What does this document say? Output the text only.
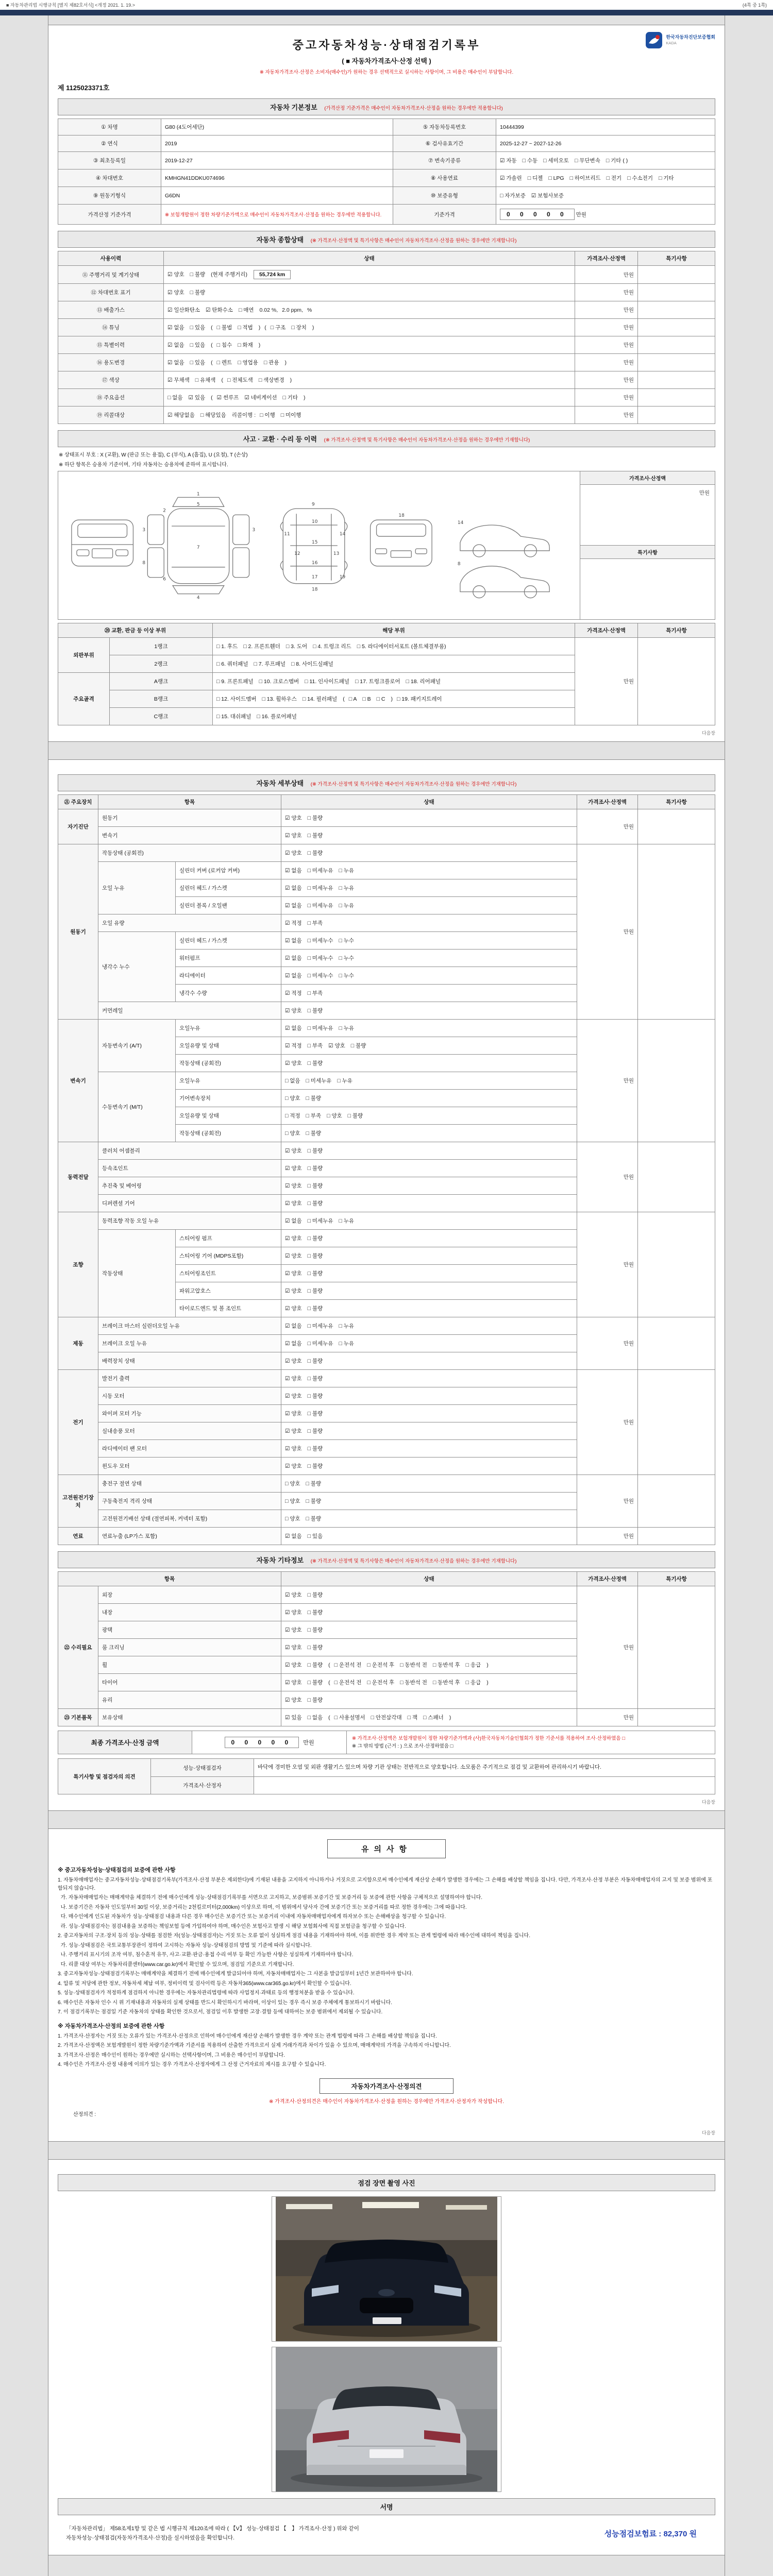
■ 자동차관리법 시행규칙 [별지 제82호서식] <개정 2021. 1. 19.>	(4쪽 중 1쪽)
한국자동차진단보증협회
KADA
중고자동차성능·상태점검기록부
( ■ 자동차가격조사·산정 선택 )
※ 자동차가격조사·산정은 소비자(매수인)가 원하는 경우 선택적으로 실시하는 사항이며, 그 비용은 매수인이 부담합니다.
제 1125023371호
자동차 기본정보 (가격산정 기준가격은 매수인이 자동차가격조사·산정을 원하는 경우에만 적용합니다)
① 차명	G80 (4도어세단)	⑤ 자동차등록번호	10444399
② 연식	2019	⑥ 검사유효기간	2025-12-27 ~ 2027-12-26
③ 최초등록일	2019-12-27	⑦ 변속기종류	☑ 자동 □ 수동 □ 세미오토 □ 무단변속 □ 기타 ( )
④ 차대번호	KMHGN41DDKU074696	⑧ 사용연료	☑ 가솔린 □ 디젤 □ LPG □ 하이브리드 □ 전기 □ 수소전기 □ 기타
⑨ 원동기형식	G6DN	⑩ 보증유형	□ 자가보증 ☑ 보험사보증
가격산정 기준가격	※ 보험개발원이 정한 차량기준가액으로 매수인이 자동차가격조사·산정을 원하는 경우에만 적용합니다.	기준가격	0 0 0 0 0 만원
자동차 종합상태 (※ 가격조사·산정액 및 특기사항은 매수인이 자동차가격조사·산정을 원하는 경우에만 기재합니다)
사용이력	상태	가격조사·산정액	특기사항
⑪ 주행거리 및 계기상태	☑ 양호 □ 불량 (현재 주행거리) 55,724 km	만원	
⑫ 차대번호 표기	☑ 양호 □ 불량	만원	
⑬ 배출가스	☑ 일산화탄소 ☑ 탄화수소 □ 매연 0.02 %, 2.0 ppm,%	만원	
⑭ 튜닝	☑ 없음 □ 있음 ( □ 불법 □ 적법 ) ( □ 구조 □ 장치 )	만원	
⑮ 특별이력	☑ 없음 □ 있음 ( □ 침수 □ 화재 )	만원	
⑯ 용도변경	☑ 없음 □ 있음 ( □ 렌트 □ 영업용 □ 관용 )	만원	
⑰ 색상	☑ 무채색 □ 유채색 ( □ 전체도색 □ 색상변경 )	만원	
⑱ 주요옵션	□ 없음 ☑ 있음 ( ☑ 썬루프 ☑ 네비게이션 □ 기타 )	만원	
⑲ 리콜대상	☑ 해당없음 □ 해당있음 리콜이행 : □ 이행 □ 미이행	만원	
사고 · 교환 · 수리 등 이력 (※ 가격조사·산정액 및 특기사항은 매수인이 자동차가격조사·산정을 원하는 경우에만 기재합니다)
※ 상태표시 부호 : X (교환), W (판금 또는 용접), C (부식), A (흠집), U (요철), T (손상)
※ 하단 항목은 승용차 기준이며, 기타 자동차는 승용차에 준하여 표시합니다.
1
2
3	3
4
5
6
7
8
9
10
11
12	13
14
15
16
17
18
19
18
14
8
가격조사·산정액
만원
특기사항
⑳ 교환, 판금 등 이상 부위		해당 부위	가격조사·산정액	특기사항
외판부위	1랭크	□ 1. 후드 □ 2. 프론트휀더 □ 3. 도어 □ 4. 트렁크 리드 □ 5. 라디에이터서포트 (볼트체결부품)	만원	
	2랭크	□ 6. 쿼터패널 □ 7. 루프패널 □ 8. 사이드실패널		
주요골격	A랭크	□ 9. 프론트패널 □ 10. 크로스멤버 □ 11. 인사이드패널 □ 17. 트렁크플로어 □ 18. 리어패널		
	B랭크	□ 12. 사이드멤버 □ 13. 휠하우스 □ 14. 필러패널 ( □ A □ B □ C ) □ 19. 패키지트레이		
	C랭크	□ 15. 대쉬패널 □ 16. 플로어패널		
다음장
자동차 세부상태 (※ 가격조사·산정액 및 특기사항은 매수인이 자동차가격조사·산정을 원하는 경우에만 기재합니다)
㉑ 주요장치	항목		상태	가격조사·산정액	특기사항
자기진단	원동기		☑ 양호 □ 불량	만원	
	변속기		☑ 양호 □ 불량		
원동기	작동상태 (공회전)		☑ 양호 □ 불량	만원	
	오일 누유	실린더 커버 (로커암 커버)	☑ 없음 □ 미세누유 □ 누유		
		실린더 헤드 / 가스켓	☑ 없음 □ 미세누유 □ 누유		
		실린더 블록 / 오일팬	☑ 없음 □ 미세누유 □ 누유		
	오일 유량		☑ 적정 □ 부족		
	냉각수 누수	실린더 헤드 / 가스켓	☑ 없음 □ 미세누수 □ 누수		
		워터펌프	☑ 없음 □ 미세누수 □ 누수		
		라디에이터	☑ 없음 □ 미세누수 □ 누수		
		냉각수 수량	☑ 적정 □ 부족		
	커먼레일		☑ 양호 □ 불량		
변속기	자동변속기 (A/T)	오일누유	☑ 없음 □ 미세누유 □ 누유	만원	
		오일유량 및 상태	☑ 적정 □ 부족 ☑ 양호 □ 불량		
		작동상태 (공회전)	☑ 양호 □ 불량		
	수동변속기 (M/T)	오일누유	□ 없음 □ 미세누유 □ 누유		
		기어변속장치	□ 양호 □ 불량		
		오일유량 및 상태	□ 적정 □ 부족 □ 양호 □ 불량		
		작동상태 (공회전)	□ 양호 □ 불량		
동력전달	클러치 어셈블리		☑ 양호 □ 불량	만원	
	등속조인트		☑ 양호 □ 불량		
	추진축 및 베어링		☑ 양호 □ 불량		
	디퍼렌셜 기어		☑ 양호 □ 불량		
조향	동력조향 작동 오일 누유		☑ 없음 □ 미세누유 □ 누유	만원	
	작동상태	스티어링 펌프	☑ 양호 □ 불량		
		스티어링 기어 (MDPS포함)	☑ 양호 □ 불량		
		스티어링조인트	☑ 양호 □ 불량		
		파워고압호스	☑ 양호 □ 불량		
		타이로드엔드 및 볼 조인트	☑ 양호 □ 불량		
제동	브레이크 마스터 실린더오일 누유		☑ 없음 □ 미세누유 □ 누유	만원	
	브레이크 오일 누유		☑ 없음 □ 미세누유 □ 누유		
	배력장치 상태		☑ 양호 □ 불량		
전기	발전기 출력		☑ 양호 □ 불량	만원	
	시동 모터		☑ 양호 □ 불량		
	와이퍼 모터 기능		☑ 양호 □ 불량		
	실내송풍 모터		☑ 양호 □ 불량		
	라디에이터 팬 모터		☑ 양호 □ 불량		
	윈도우 모터		☑ 양호 □ 불량		
고전원전기장치	충전구 절연 상태		□ 양호 □ 불량	만원	
	구동축전지 격리 상태		□ 양호 □ 불량		
	고전원전기배선 상태 (절연피복, 커넥터 포함)		□ 양호 □ 불량		
연료	연료누출 (LP가스 포함)		☑ 없음 □ 있음	만원	
자동차 기타정보 (※ 가격조사·산정액 및 특기사항은 매수인이 자동차가격조사·산정을 원하는 경우에만 기재합니다)
항목		상태	가격조사·산정액	특기사항
㉒ 수리필요	외장	☑ 양호 □ 불량	만원	
	내장	☑ 양호 □ 불량		
	광택	☑ 양호 □ 불량		
	룸 크리닝	☑ 양호 □ 불량		
	휠	☑ 양호 □ 불량 ( □ 운전석 전 □ 운전석 후 □ 동반석 전 □ 동반석 후 □ 응급 )		
	타이어	☑ 양호 □ 불량 ( □ 운전석 전 □ 운전석 후 □ 동반석 전 □ 동반석 후 □ 응급 )		
	유리	☑ 양호 □ 불량		
㉓ 기본품목	보유상태	☑ 있음 □ 없음 ( □ 사용설명서 □ 안전삼각대 □ 잭 □ 스패너 )	만원	
최종 가격조사·산정 금액	0 0 0 0 0	만원
※ 가격조사·산정액은 보험개발원이 정한 차량기준가액과 (사)한국자동차기술인협회가 정한 기준서를 적용하여 조사·산정하였음 □
※ 그 밖의 방법 (근거 : ) 으로 조사·산정하였음 □
특기사항 및 점검자의 의견	성능·상태점검자	바닥에 경미한 오염 및 외판 생활기스 있으며 차량 기관 상태는 전반적으로 양호합니다. 소모품은 주기적으로 점검 및 교환하여 관리하시기 바랍니다.
	가격조사·산정자	
다음장
유의사항
※ 중고자동차성능·상태점검의 보증에 관한 사항
1. 자동차매매업자는 중고자동차성능·상태점검기록부(가격조사·산정 부분은 제외한다)에 기재된 내용을 고지하지 아니하거나 거짓으로 고지함으로써 매수인에게 재산상 손해가 발생한 경우에는 그 손해를 배상할 책임을 집니다. 다만, 가격조사·산정 부분은 자동차매매업자의 고지 및 보증 범위에 포함되지 않습니다.
가. 자동차매매업자는 매매계약을 체결하기 전에 매수인에게 성능·상태점검기록부를 서면으로 고지하고, 보증범위·보증기간 및 보증거리 등 보증에 관한 사항을 구체적으로 설명하여야 합니다.
나. 보증기간은 자동차 인도일부터 30일 이상, 보증거리는 2천킬로미터(2,000km) 이상으로 하며, 이 범위에서 당사자 간에 보증기간 또는 보증거리를 따로 정한 경우에는 그에 따릅니다.
다. 매수인에게 인도된 자동차가 성능·상태점검 내용과 다른 경우 매수인은 보증기간 또는 보증거리 이내에 자동차매매업자에게 하자보수 또는 손해배상을 청구할 수 있습니다.
라. 성능·상태점검자는 점검내용을 보증하는 책임보험 등에 가입하여야 하며, 매수인은 보험사고 발생 시 해당 보험회사에 직접 보험금을 청구할 수 있습니다.
2. 중고자동차의 구조·장치 등의 성능·상태를 점검한 자(성능·상태점검자)는 거짓 또는 오류 없이 성실하게 점검 내용을 기재하여야 하며, 이를 위반한 경우 계약 또는 관계 법령에 따라 매수인에 대하여 책임을 집니다.
가. 성능·상태점검은 국토교통부장관이 정하여 고시하는 자동차 성능·상태점검의 방법 및 기준에 따라 실시합니다.
나. 주행거리 표시기의 조작 여부, 침수흔적 유무, 사고·교환·판금·용접 수리 여부 등 확인 가능한 사항은 성실하게 기재하여야 합니다.
다. 리콜 대상 여부는 자동차리콜센터(www.car.go.kr)에서 확인할 수 있으며, 점검일 기준으로 기재합니다.
3. 중고자동차성능·상태점검기록부는 매매계약을 체결하기 전에 매수인에게 발급되어야 하며, 자동차매매업자는 그 사본을 발급일부터 1년간 보관하여야 합니다.
4. 압류 및 저당에 관한 정보, 자동차세 체납 여부, 정비이력 및 검사이력 등은 자동차365(www.car365.go.kr)에서 확인할 수 있습니다.
5. 성능·상태점검자가 적정하게 점검하지 아니한 경우에는 자동차관리법령에 따라 사업정지·과태료 등의 행정처분을 받을 수 있습니다.
6. 매수인은 자동차 인수 시 위 기재내용과 자동차의 실제 상태를 반드시 확인하시기 바라며, 이상이 있는 경우 즉시 보증 주체에게 통보하시기 바랍니다.
7. 이 점검기록부는 점검일 기준 자동차의 상태를 확인한 것으로서, 점검일 이후 발생한 고장·결함 등에 대하여는 보증 범위에서 제외될 수 있습니다.
※ 자동차가격조사·산정의 보증에 관한 사항
1. 가격조사·산정자는 거짓 또는 오류가 있는 가격조사·산정으로 인하여 매수인에게 재산상 손해가 발생한 경우 계약 또는 관계 법령에 따라 그 손해를 배상할 책임을 집니다.
2. 가격조사·산정액은 보험개발원이 정한 차량기준가액과 기준서를 적용하여 산출한 가격으로서 실제 거래가격과 차이가 있을 수 있으며, 매매계약의 가격을 구속하지 아니합니다.
3. 가격조사·산정은 매수인이 원하는 경우에만 실시하는 선택사항이며, 그 비용은 매수인이 부담합니다.
4. 매수인은 가격조사·산정 내용에 이의가 있는 경우 가격조사·산정자에게 그 산정 근거자료의 제시를 요구할 수 있습니다.
자동차가격조사·산정의견
※ 가격조사·산정의견은 매수인이 자동차가격조사·산정을 원하는 경우에만 가격조사·산정자가 작성합니다.
산정의견 :
다음장
점검 장면 촬영 사진
서명
「자동차관리법」 제58조제1항 및 같은 법 시행규칙 제120조에 따라 ( 【V】 성능·상태점검 【　】 가격조사·산정 ) 위와 같이
자동차성능·상태점검(자동차가격조사·산정)을 실시하였음을 확인합니다.	성능점검보험료 : 82,370 원
